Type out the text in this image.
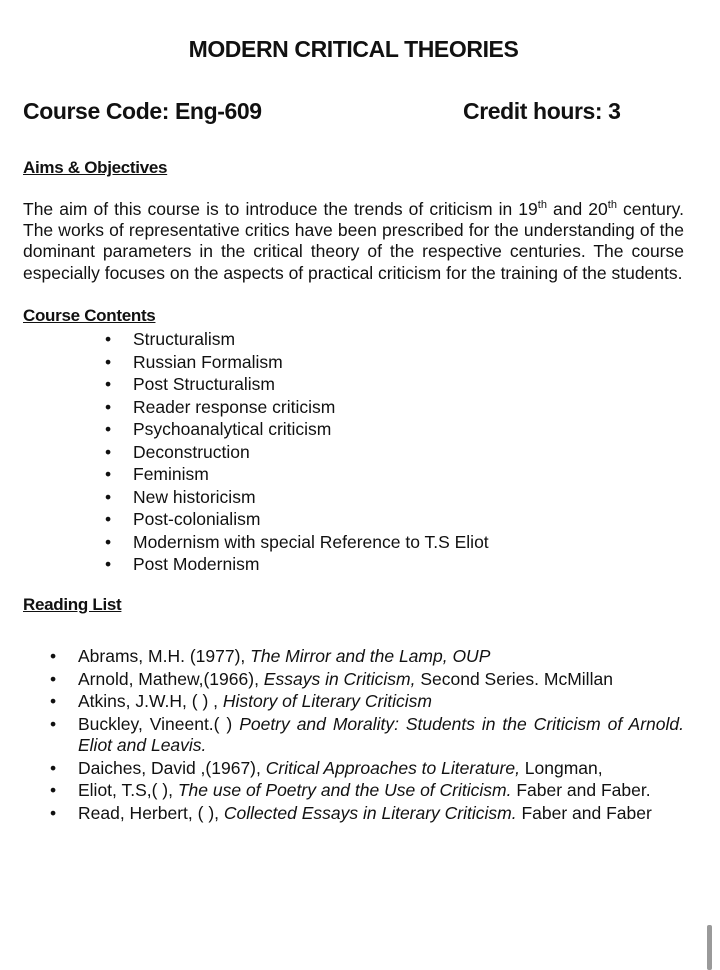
MODERN CRITICAL THEORIES
Course Code: Eng-609	Credit hours: 3
Aims & Objectives
The aim of this course is to introduce the trends of criticism in 19th and 20th century. The works of representative critics have been prescribed for the understanding of the dominant parameters in the critical theory of the respective centuries. The course especially focuses on the aspects of practical criticism for the training of the students.
Course Contents
• Structuralism
• Russian Formalism
• Post Structuralism
• Reader response criticism
• Psychoanalytical criticism
• Deconstruction
• Feminism
• New historicism
• Post-colonialism
• Modernism with special Reference to T.S Eliot
• Post Modernism
Reading List
• Abrams, M.H. (1977), The Mirror and the Lamp, OUP
• Arnold, Mathew,(1966), Essays in Criticism, Second Series. McMillan
• Atkins, J.W.H, ( ) , History of Literary Criticism
• Buckley, Vineent.( ) Poetry and Morality: Students in the Criticism of Arnold. Eliot and Leavis.
• Daiches, David ,(1967), Critical Approaches to Literature, Longman,
• Eliot, T.S,( ), The use of Poetry and the Use of Criticism. Faber and Faber.
• Read, Herbert, ( ), Collected Essays in Literary Criticism. Faber and Faber
